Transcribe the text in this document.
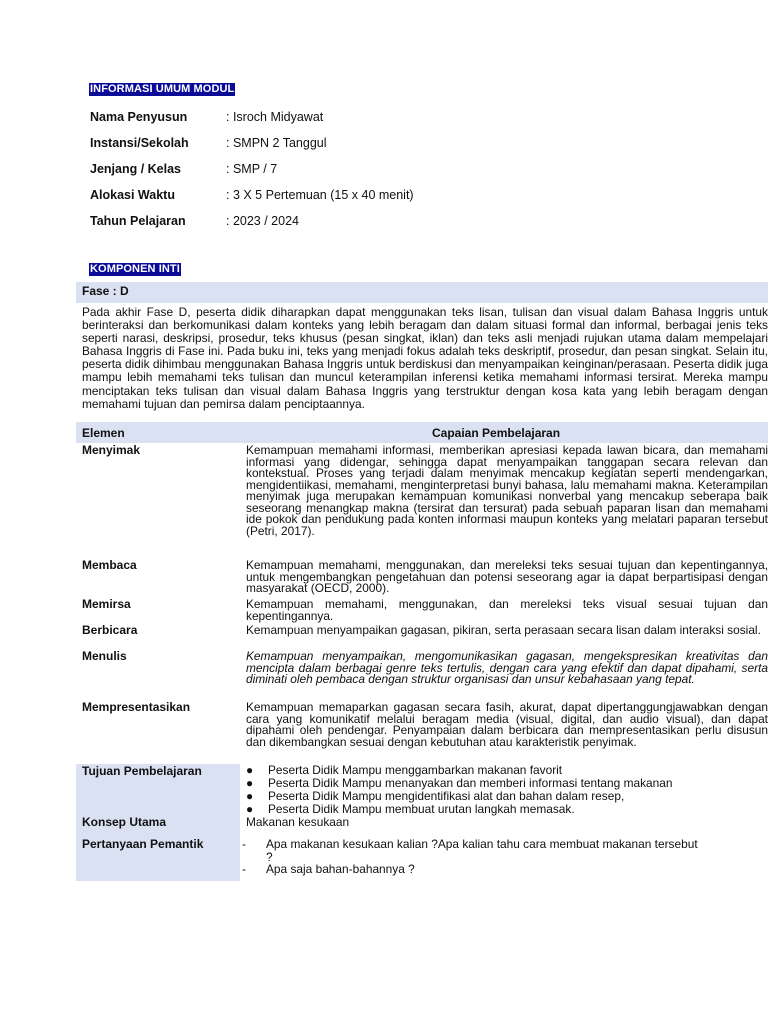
INFORMASI UMUM MODUL
Nama Penyusun	: Isroch Midyawat
Instansi/Sekolah	: SMPN 2 Tanggul
Jenjang / Kelas	: SMP / 7
Alokasi Waktu	: 3 X 5 Pertemuan (15 x 40 menit)
Tahun Pelajaran	: 2023 / 2024
KOMPONEN INTI
Fase : D

Pada akhir Fase D, peserta didik diharapkan dapat menggunakan teks lisan, tulisan dan visual dalam Bahasa Inggris untuk berinteraksi dan berkomunikasi dalam konteks yang lebih beragam dan dalam situasi formal dan informal, berbagai jenis teks seperti narasi, deskripsi, prosedur, teks khusus (pesan singkat, iklan) dan teks asli menjadi rujukan utama dalam mempelajari Bahasa Inggris di Fase ini. Pada buku ini, teks yang menjadi fokus adalah teks deskriptif, prosedur, dan pesan singkat. Selain itu, peserta didik dihimbau menggunakan Bahasa Inggris untuk berdiskusi dan menyampaikan keinginan/perasaan. Peserta didik juga mampu lebih memahami teks tulisan dan muncul keterampilan inferensi ketika memahami informasi tersirat. Mereka mampu menciptakan teks tulisan dan visual dalam Bahasa Inggris yang terstruktur dengan kosa kata yang lebih beragam dengan memahami tujuan dan pemirsa dalam penciptaannya.

Elemen	Capaian Pembelajaran
Menyimak	Kemampuan memahami informasi, memberikan apresiasi kepada lawan bicara, dan memahami informasi yang didengar, sehingga dapat menyampaikan tanggapan secara relevan dan kontekstual. Proses yang terjadi dalam menyimak mencakup kegiatan seperti mendengarkan, mengidentiikasi, memahami, menginterpretasi bunyi bahasa, lalu memahami makna. Keterampilan menyimak juga merupakan kemampuan komunikasi nonverbal yang mencakup seberapa baik seseorang menangkap makna (tersirat dan tersurat) pada sebuah paparan lisan dan memahami ide pokok dan pendukung pada konten informasi maupun konteks yang melatari paparan tersebut (Petri, 2017).

Membaca	Kemampuan memahami, menggunakan, dan mereleksi teks sesuai tujuan dan kepentingannya, untuk mengembangkan pengetahuan dan potensi seseorang agar ia dapat berpartisipasi dengan masyarakat (OECD, 2000).

Memirsa	Kemampuan memahami, menggunakan, dan mereleksi teks visual sesuai tujuan dan kepentingannya.

Berbicara	Kemampuan menyampaikan gagasan, pikiran, serta perasaan secara lisan dalam interaksi sosial.

Menulis	Kemampuan menyampaikan, mengomunikasikan gagasan, mengekspresikan kreativitas dan mencipta dalam berbagai genre teks tertulis, dengan cara yang efektif dan dapat dipahami, serta diminati oleh pembaca dengan struktur organisasi dan unsur kebahasaan yang tepat.

Mempresentasikan	Kemampuan memaparkan gagasan secara fasih, akurat, dapat dipertanggungjawabkan dengan cara yang komunikatif melalui beragam media (visual, digital, dan audio visual), dan dapat dipahami oleh pendengar. Penyampaian dalam berbicara dan mempresentasikan perlu disusun dan dikembangkan sesuai dengan kebutuhan atau karakteristik penyimak.

Tujuan Pembelajaran	● Peserta Didik Mampu menggambarkan makanan favorit
● Peserta Didik Mampu menanyakan dan memberi informasi tentang makanan
● Peserta Didik Mampu mengidentifikasi alat dan bahan dalam resep,
● Peserta Didik Mampu membuat urutan langkah memasak.
Konsep Utama	Makanan kesukaan
Pertanyaan Pemantik	- Apa makanan kesukaan kalian ?Apa kalian tahu cara membuat makanan tersebut
?
- Apa saja bahan-bahannya ?
